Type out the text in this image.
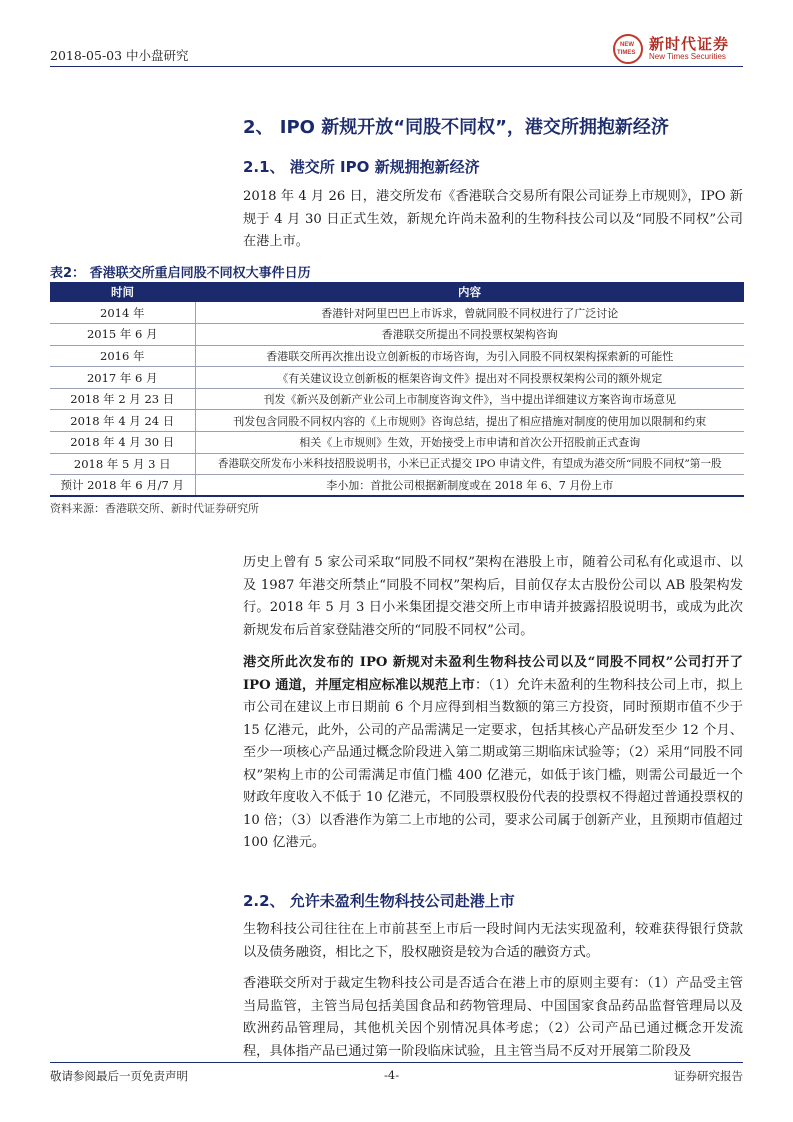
2018-05-03 中小盘研究
NEW
TIMES 新时代证券
New Times Securities
2、 IPO 新规开放“同股不同权”，港交所拥抱新经济
2.1、 港交所 IPO 新规拥抱新经济
2018 年 4 月 26 日，港交所发布《香港联合交易所有限公司证券上市规则》，IPO 新规于 4 月 30 日正式生效，新规允许尚未盈利的生物科技公司以及“同股不同权”公司在港上市。
表2： 香港联交所重启同股不同权大事件日历
时间	内容
2014 年	香港针对阿里巴巴上市诉求，曾就同股不同权进行了广泛讨论
2015 年 6 月	香港联交所提出不同投票权架构咨询
2016 年	香港联交所再次推出设立创新板的市场咨询，为引入同股不同权架构探索新的可能性
2017 年 6 月	《有关建议设立创新板的框架咨询文件》提出对不同投票权架构公司的额外规定
2018 年 2 月 23 日	刊发《新兴及创新产业公司上市制度咨询文件》，当中提出详细建议方案咨询市场意见
2018 年 4 月 24 日	刊发包含同股不同权内容的《上市规则》咨询总结，提出了相应措施对制度的使用加以限制和约束
2018 年 4 月 30 日	相关《上市规则》生效，开始接受上市申请和首次公开招股前正式查询
2018 年 5 月 3 日	香港联交所发布小米科技招股说明书，小米已正式提交 IPO 申请文件，有望成为港交所“同股不同权”第一股
预计 2018 年 6 月/7 月	李小加：首批公司根据新制度或在 2018 年 6、7 月份上市
资料来源：香港联交所、新时代证券研究所
历史上曾有 5 家公司采取“同股不同权”架构在港股上市，随着公司私有化或退市、以及 1987 年港交所禁止“同股不同权”架构后，目前仅存太古股份公司以 AB 股架构发行。2018 年 5 月 3 日小米集团提交港交所上市申请并披露招股说明书，或成为此次新规发布后首家登陆港交所的“同股不同权”公司。
港交所此次发布的 IPO 新规对未盈利生物科技公司以及“同股不同权”公司打开了 IPO 通道，并厘定相应标准以规范上市：（1）允许未盈利的生物科技公司上市，拟上市公司在建议上市日期前 6 个月应得到相当数额的第三方投资，同时预期市值不少于 15 亿港元，此外，公司的产品需满足一定要求，包括其核心产品研发至少 12 个月、至少一项核心产品通过概念阶段进入第二期或第三期临床试验等；（2）采用“同股不同权”架构上市的公司需满足市值门槛 400 亿港元，如低于该门槛，则需公司最近一个财政年度收入不低于 10 亿港元，不同股票权股份代表的投票权不得超过普通投票权的 10 倍；（3）以香港作为第二上市地的公司，要求公司属于创新产业，且预期市值超过 100 亿港元。
2.2、 允许未盈利生物科技公司赴港上市
生物科技公司往往在上市前甚至上市后一段时间内无法实现盈利，较难获得银行贷款以及债务融资，相比之下，股权融资是较为合适的融资方式。
香港联交所对于裁定生物科技公司是否适合在港上市的原则主要有：（1）产品受主管当局监管，主管当局包括美国食品和药物管理局、中国国家食品药品监督管理局以及欧洲药品管理局，其他机关因个别情况具体考虑；（2）公司产品已通过概念开发流程，具体指产品已通过第一阶段临床试验，且主管当局不反对开展第二阶段及
敬请参阅最后一页免责声明	-4-	证券研究报告
